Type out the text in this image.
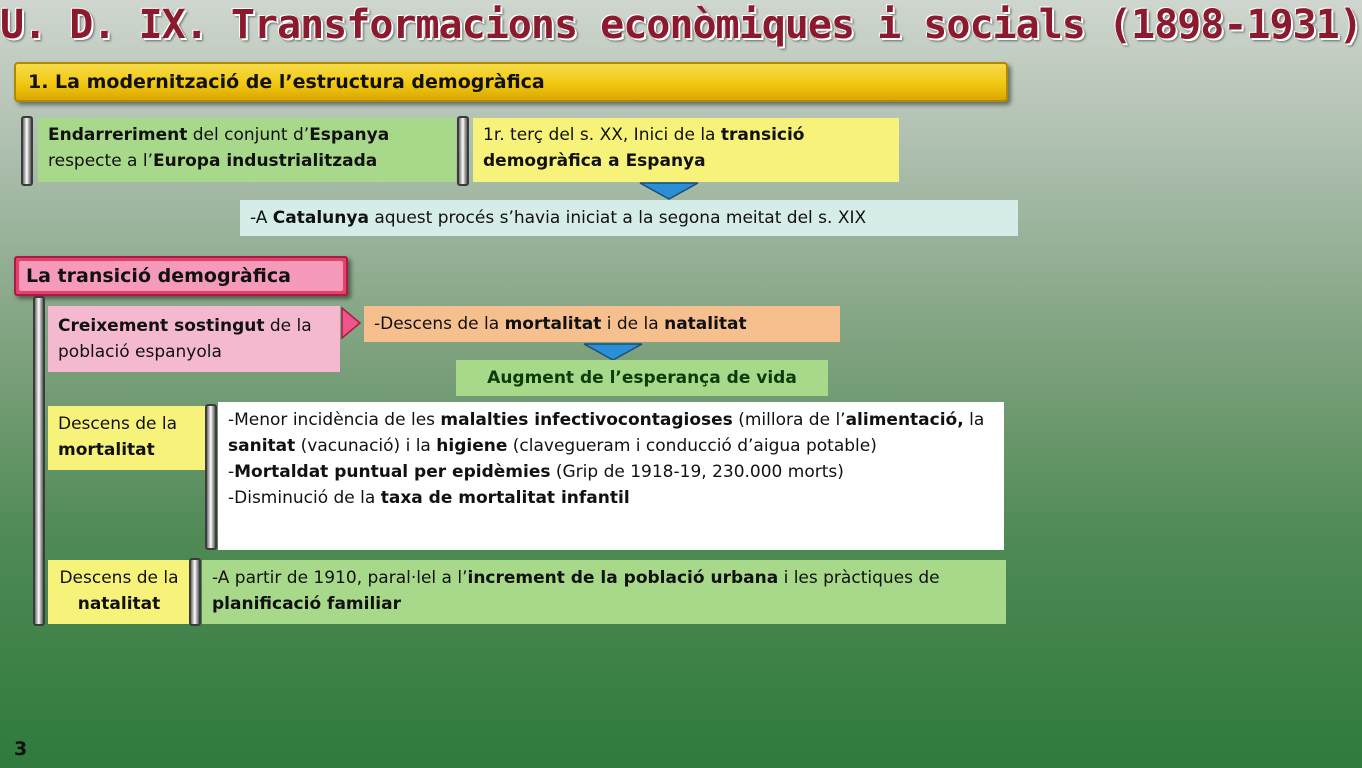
U. D. IX. Transformacions econòmiques i socials (1898-1931)
1. La modernització de l’estructura demogràfica
Endarreriment del conjunt d’Espanya respecte a l’Europa industrialitzada
1r. terç del s. XX, Inici de la transició demogràfica a Espanya
-A Catalunya aquest procés s’havia iniciat a la segona meitat del s. XIX
La transició demogràfica
Creixement sostingut de la població espanyola
-Descens de la mortalitat i de la natalitat
Augment de l’esperança de vida
Descens de la mortalitat
-Menor incidència de les malalties infectivocontagioses (millora de l’alimentació, la sanitat (vacunació) i la higiene (clavegueram i conducció d’aigua potable)
-Mortaldat puntual per epidèmies (Grip de 1918-19, 230.000 morts)
-Disminució de la taxa de mortalitat infantil
Descens de la natalitat
-A partir de 1910, paral·lel a l’increment de la població urbana i les pràctiques de planificació familiar
3
